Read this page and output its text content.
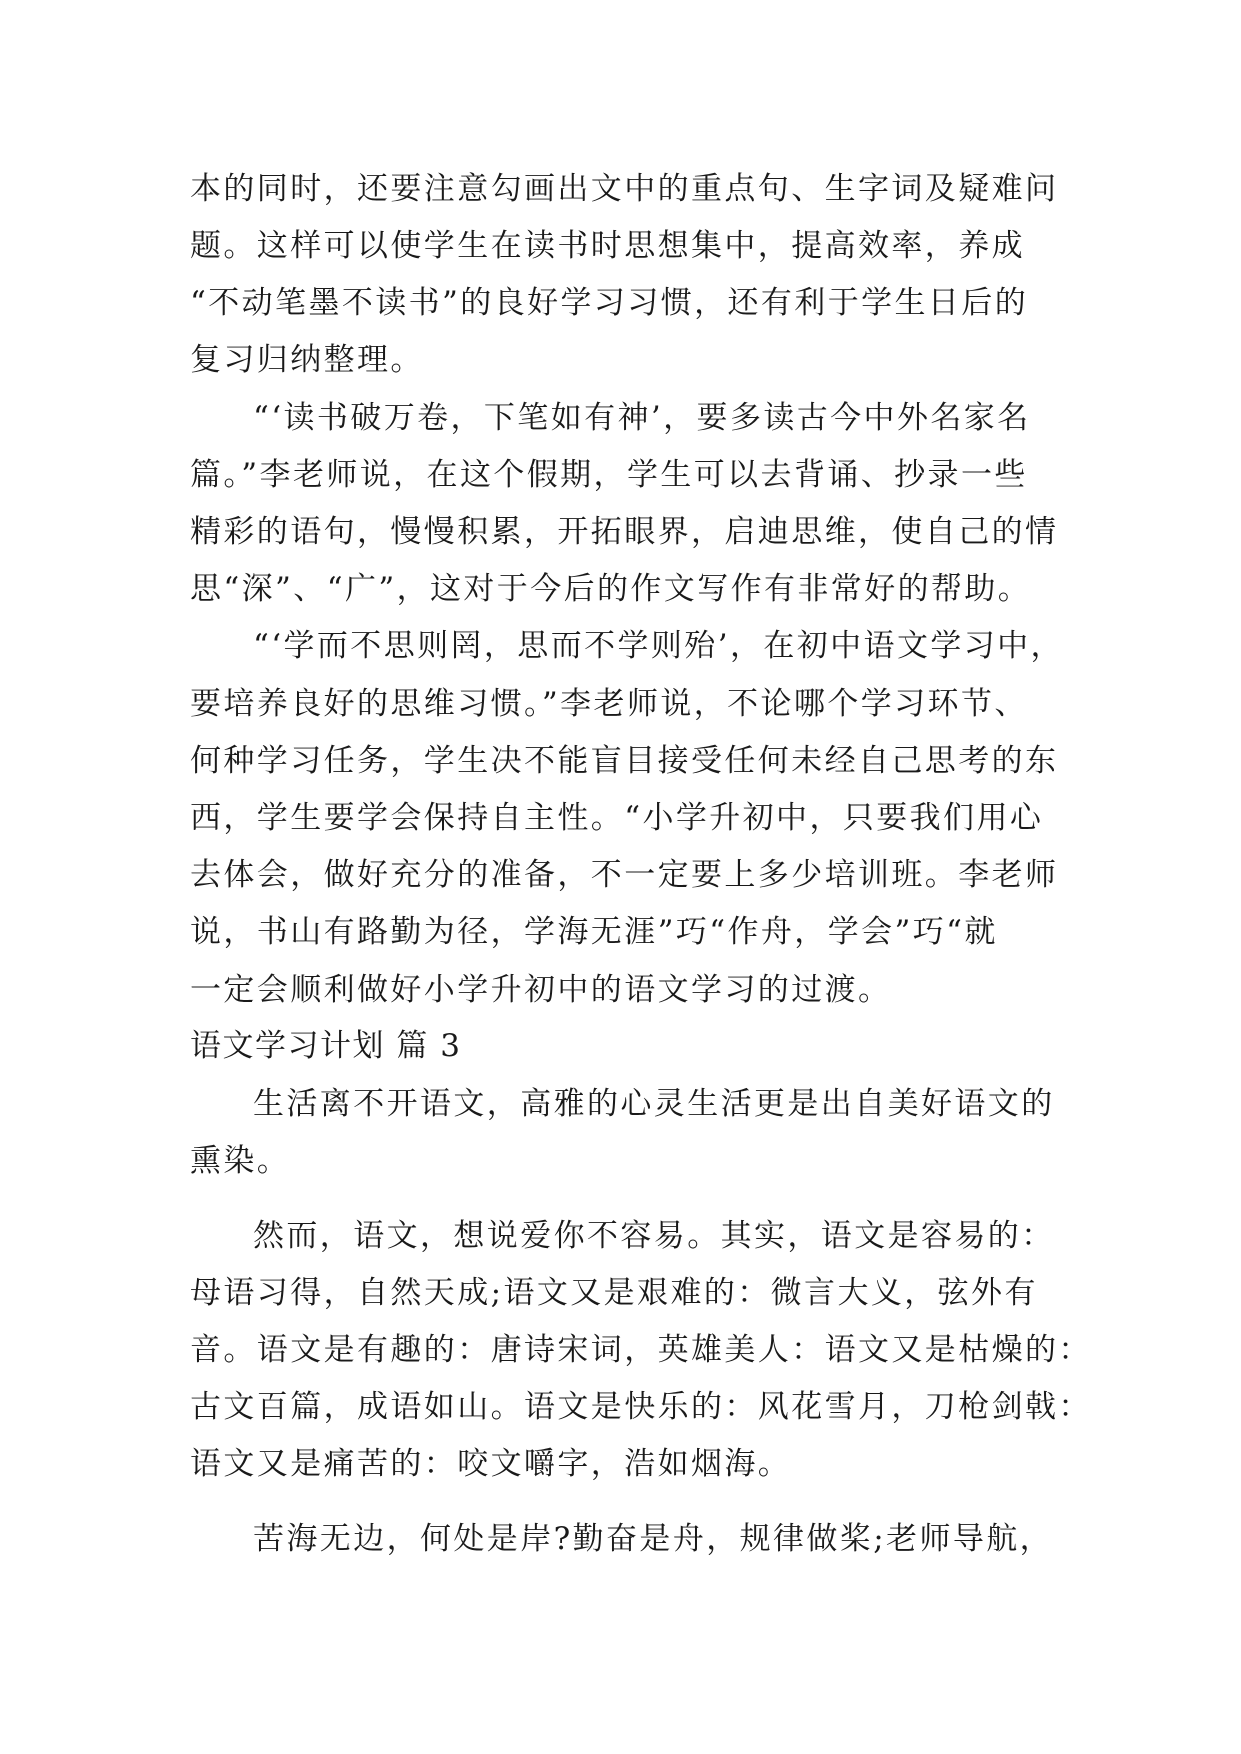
本的同时，还要注意勾画出文中的重点句、生字词及疑难问
题。这样可以使学生在读书时思想集中，提高效率，养成
“不动笔墨不读书”的良好学习习惯，还有利于学生日后的
复习归纳整理。
“‘读书破万卷，下笔如有神’，要多读古今中外名家名
篇。”李老师说，在这个假期，学生可以去背诵、抄录一些
精彩的语句，慢慢积累，开拓眼界，启迪思维，使自己的情
思“深”、“广”，这对于今后的作文写作有非常好的帮助。
“‘学而不思则罔，思而不学则殆’，在初中语文学习中，
要培养良好的思维习惯。”李老师说，不论哪个学习环节、
何种学习任务，学生决不能盲目接受任何未经自己思考的东
西，学生要学会保持自主性。“小学升初中，只要我们用心
去体会，做好充分的准备，不一定要上多少培训班。李老师
说，书山有路勤为径，学海无涯”巧“作舟，学会”巧“就
一定会顺利做好小学升初中的语文学习的过渡。
语文学习计划 篇 3
生活离不开语文，高雅的心灵生活更是出自美好语文的
熏染。
然而，语文，想说爱你不容易。其实，语文是容易的：
母语习得，自然天成;语文又是艰难的：微言大义，弦外有
音。语文是有趣的：唐诗宋词，英雄美人：语文又是枯燥的：
古文百篇，成语如山。语文是快乐的：风花雪月，刀枪剑戟：
语文又是痛苦的：咬文嚼字，浩如烟海。
苦海无边，何处是岸?勤奋是舟，规律做桨;老师导航，
